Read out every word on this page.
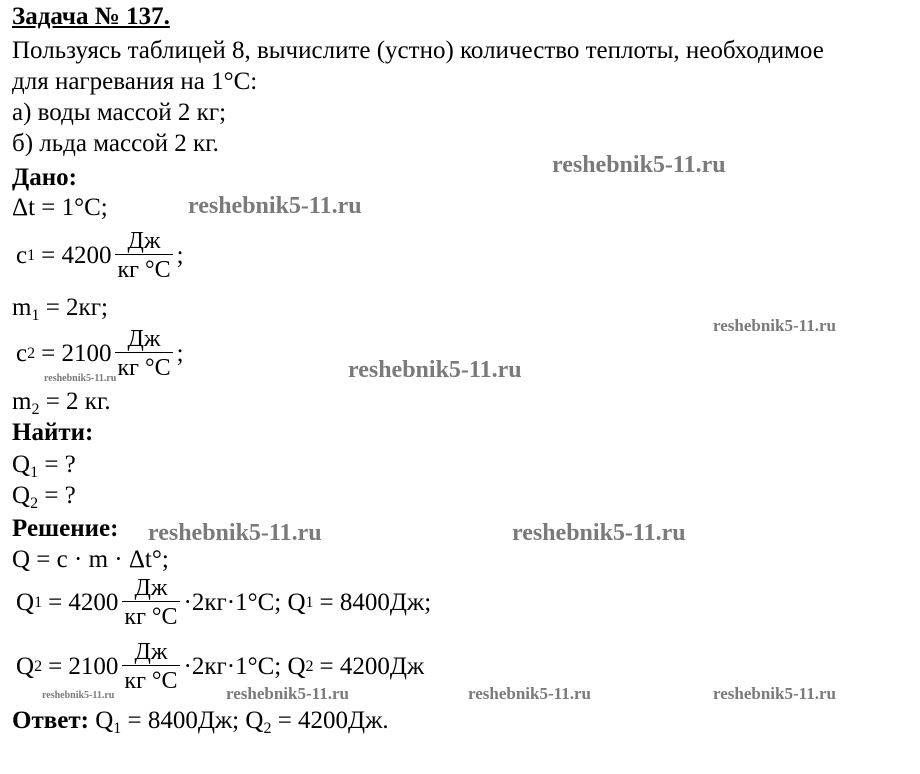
Задача № 137.
Пользуясь таблицей 8, вычислите (устно) количество теплоты, необходимое
для нагревания на 1°С:
а) воды массой 2 кг;
б) льда массой 2 кг.
Дано:
Δt = 1°С;
c $1 = 4200 \frac{Дж}{кг ^\circ С}$ ;
$m_1 = 2кг$;
c $2 = 2100 \frac{Дж}{кг ^\circ С}$ ;
$m_2 = 2$ кг.
Найти:
$Q_1$ = ?
$Q_2$ = ?
Решение:
Q = c · m · Δt°;
Q $1 = 4200 \frac{Дж}{кг ^\circ С} \cdot 2кг\cdot 1^\circ С$; Q 1 = 8400Дж;
Q $2 = 2100 \frac{Дж}{кг ^\circ С} \cdot 2кг\cdot 1^\circ С$; Q 2 = 4200Дж
Ответ: $Q_1 = 8400Дж$; $Q_2 = 4200Дж$.
reshebnik5-11.ru
reshebnik5-11.ru
reshebnik5-11.ru
reshebnik5-11.ru
reshebnik5-11.ru
reshebnik5-11.ru	reshebnik5-11.ru
reshebnik5-11.ru	reshebnik5-11.ru	reshebnik5-11.ru	reshebnik5-11.ru
